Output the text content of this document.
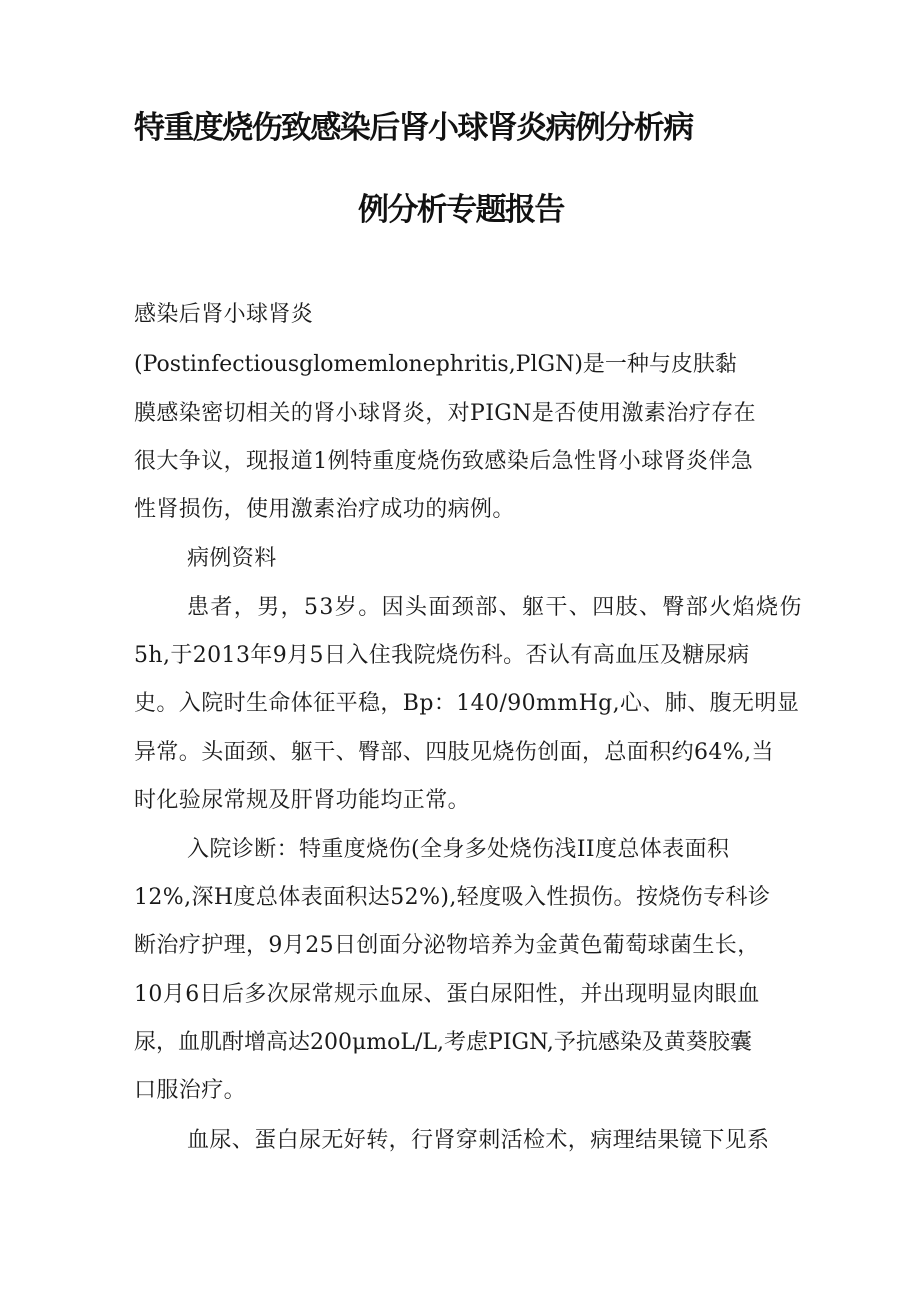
特重度烧伤致感染后肾小球肾炎病例分析病
例分析专题报告

感染后肾小球肾炎

(Postinfectiousglomemlonephritis,PlGN)是一种与皮肤黏

膜感染密切相关的肾小球肾炎，对PIGN是否使用激素治疗存在

很大争议，现报道1例特重度烧伤致感染后急性肾小球肾炎伴急

性肾损伤，使用激素治疗成功的病例。

病例资料

患者，男，53岁。因头面颈部、躯干、四肢、臀部火焰烧伤

5h,于2013年9月5日入住我院烧伤科。否认有高血压及糖尿病

史。入院时生命体征平稳，Bp：140/90mmHg,心、肺、腹无明显

异常。头面颈、躯干、臀部、四肢见烧伤创面，总面积约64%,当

时化验尿常规及肝肾功能均正常。

入院诊断：特重度烧伤(全身多处烧伤浅II度总体表面积

12%,深H度总体表面积达52%),轻度吸入性损伤。按烧伤专科诊

断治疗护理，9月25日创面分泌物培养为金黄色葡萄球菌生长，

10月6日后多次尿常规示血尿、蛋白尿阳性，并出现明显肉眼血

尿，血肌酎增高达200μmoL/L,考虑PIGN,予抗感染及黄葵胶囊

口服治疗。

血尿、蛋白尿无好转，行肾穿刺活检术，病理结果镜下见系
